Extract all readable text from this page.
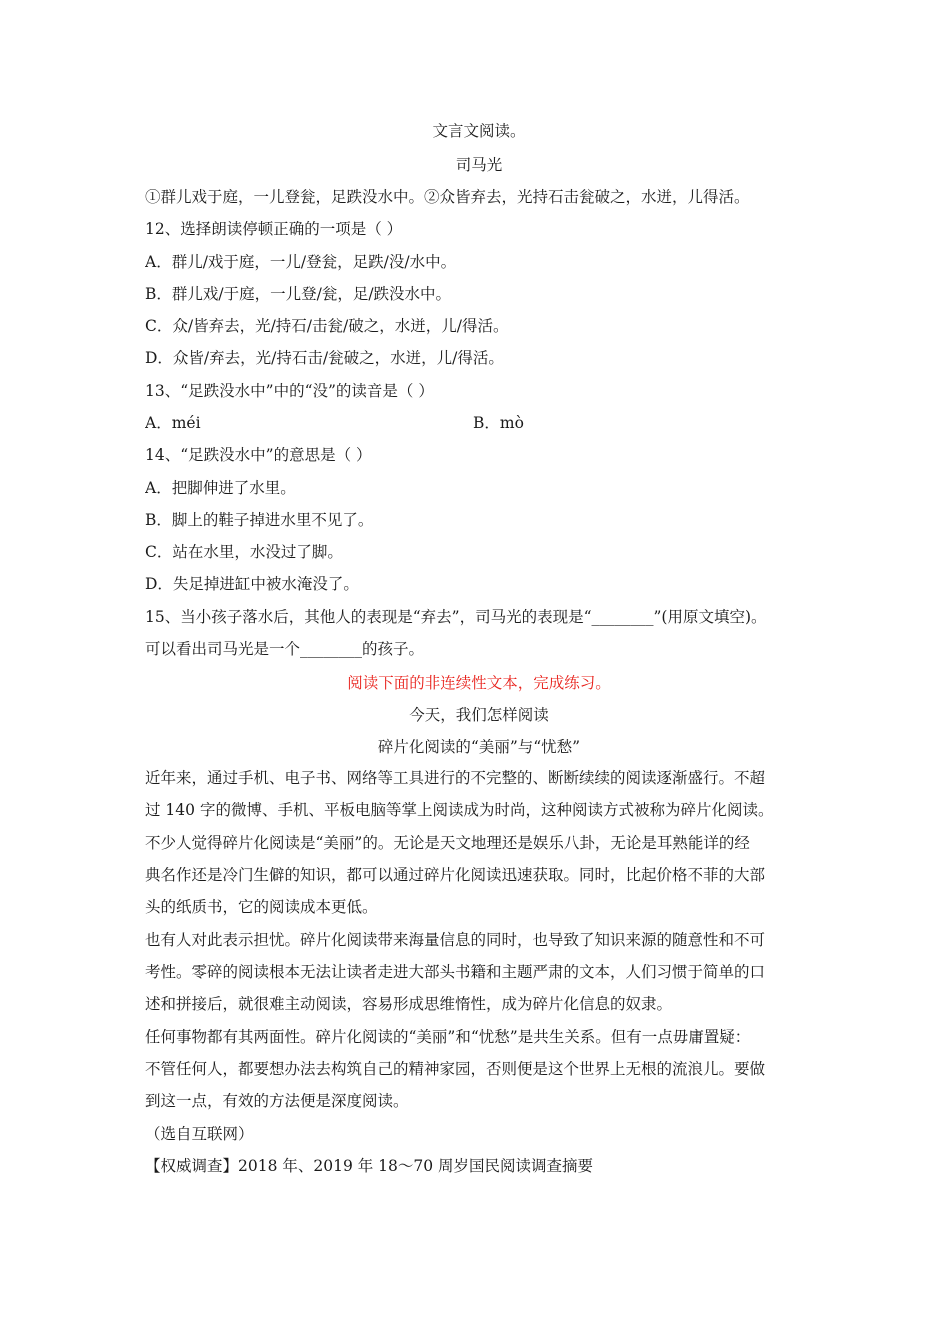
文言文阅读。
司马光
①群儿戏于庭，一儿登瓮，足跌没水中。②众皆弃去，光持石击瓮破之，水迸，儿得活。
12、选择朗读停顿正确的一项是（ ）
A．群儿/戏于庭，一儿/登瓮，足跌/没/水中。
B．群儿戏/于庭，一儿登/瓮，足/跌没水中。
C．众/皆弃去，光/持石/击瓮/破之，水迸，儿/得活。
D．众皆/弃去，光/持石击/瓮破之，水迸，儿/得活。
13、“足跌没水中”中的“没”的读音是（ ）
A．méi	B．mò
14、“足跌没水中”的意思是（ ）
A．把脚伸进了水里。
B．脚上的鞋子掉进水里不见了。
C．站在水里，水没过了脚。
D．失足掉进缸中被水淹没了。
15、当小孩子落水后，其他人的表现是“弃去”，司马光的表现是“________”(用原文填空)。
可以看出司马光是一个________的孩子。
阅读下面的非连续性文本，完成练习。
今天，我们怎样阅读
碎片化阅读的“美丽”与“忧愁”
近年来，通过手机、电子书、网络等工具进行的不完整的、断断续续的阅读逐渐盛行。不超
过 140 字的微博、手机、平板电脑等掌上阅读成为时尚，这种阅读方式被称为碎片化阅读。
不少人觉得碎片化阅读是“美丽”的。无论是天文地理还是娱乐八卦，无论是耳熟能详的经
典名作还是冷门生僻的知识，都可以通过碎片化阅读迅速获取。同时，比起价格不菲的大部
头的纸质书，它的阅读成本更低。
也有人对此表示担忧。碎片化阅读带来海量信息的同时，也导致了知识来源的随意性和不可
考性。零碎的阅读根本无法让读者走进大部头书籍和主题严肃的文本，人们习惯于简单的口
述和拼接后，就很难主动阅读，容易形成思维惰性，成为碎片化信息的奴隶。
任何事物都有其两面性。碎片化阅读的“美丽”和“忧愁”是共生关系。但有一点毋庸置疑：
不管任何人，都要想办法去构筑自己的精神家园，否则便是这个世界上无根的流浪儿。要做
到这一点，有效的方法便是深度阅读。
（选自互联网）
【权威调查】2018 年、2019 年 18～70 周岁国民阅读调查摘要
